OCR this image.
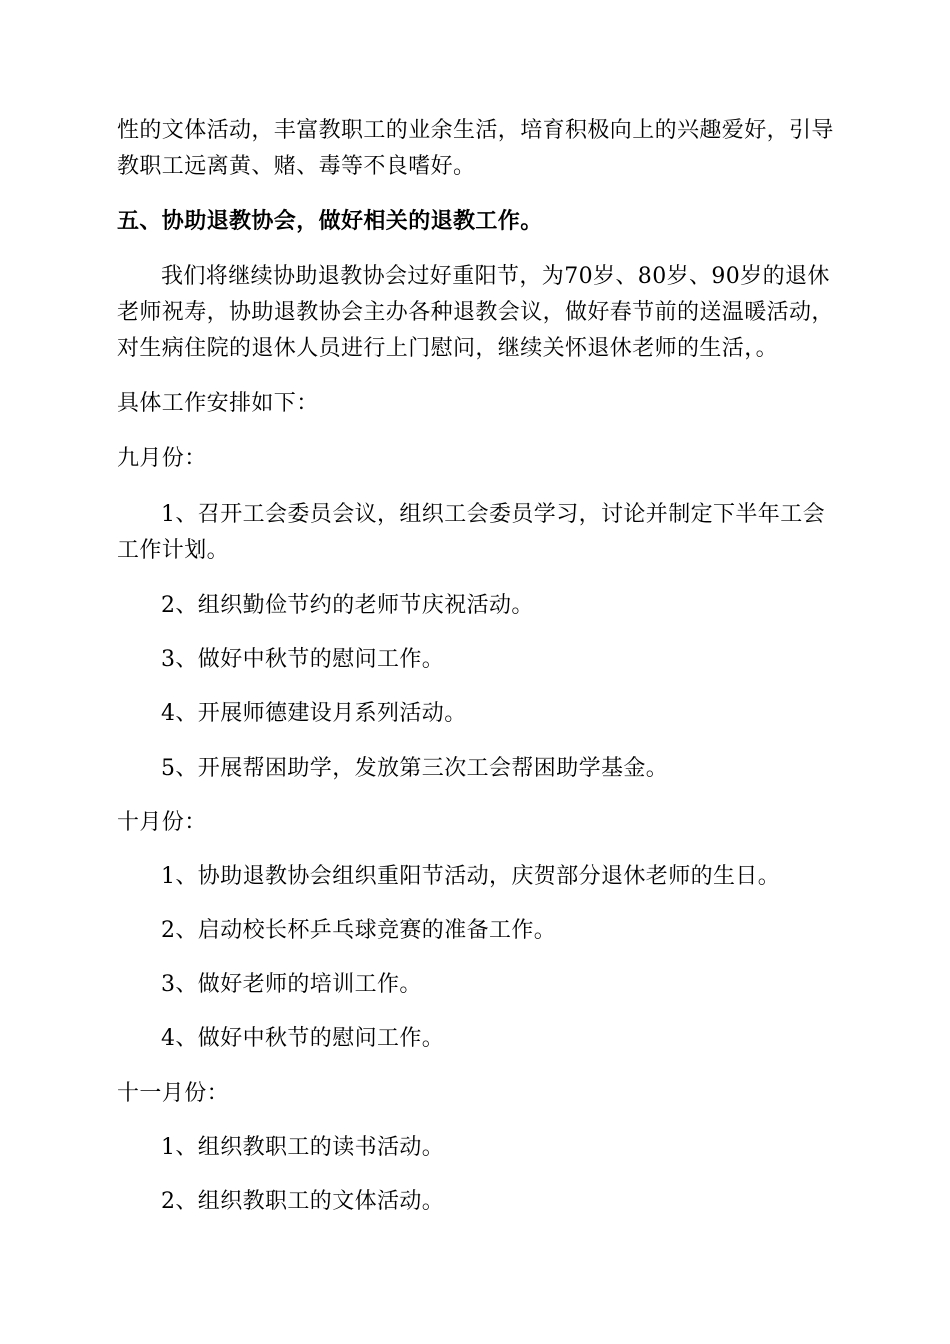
性的文体活动，丰富教职工的业余生活，培育积极向上的兴趣爱好，引导
教职工远离黄、赌、毒等不良嗜好。
五、协助退教协会，做好相关的退教工作。
我们将继续协助退教协会过好重阳节，为70岁、80岁、90岁的退休
老师祝寿，协助退教协会主办各种退教会议，做好春节前的送温暖活动，
对生病住院的退休人员进行上门慰问，继续关怀退休老师的生活，。
具体工作安排如下：
九月份：
1、召开工会委员会议，组织工会委员学习，讨论并制定下半年工会
工作计划。
2、组织勤俭节约的老师节庆祝活动。
3、做好中秋节的慰问工作。
4、开展师德建设月系列活动。
5、开展帮困助学，发放第三次工会帮困助学基金。
十月份：
1、协助退教协会组织重阳节活动，庆贺部分退休老师的生日。
2、启动校长杯乒乓球竞赛的准备工作。
3、做好老师的培训工作。
4、做好中秋节的慰问工作。
十一月份：
1、组织教职工的读书活动。
2、组织教职工的文体活动。
